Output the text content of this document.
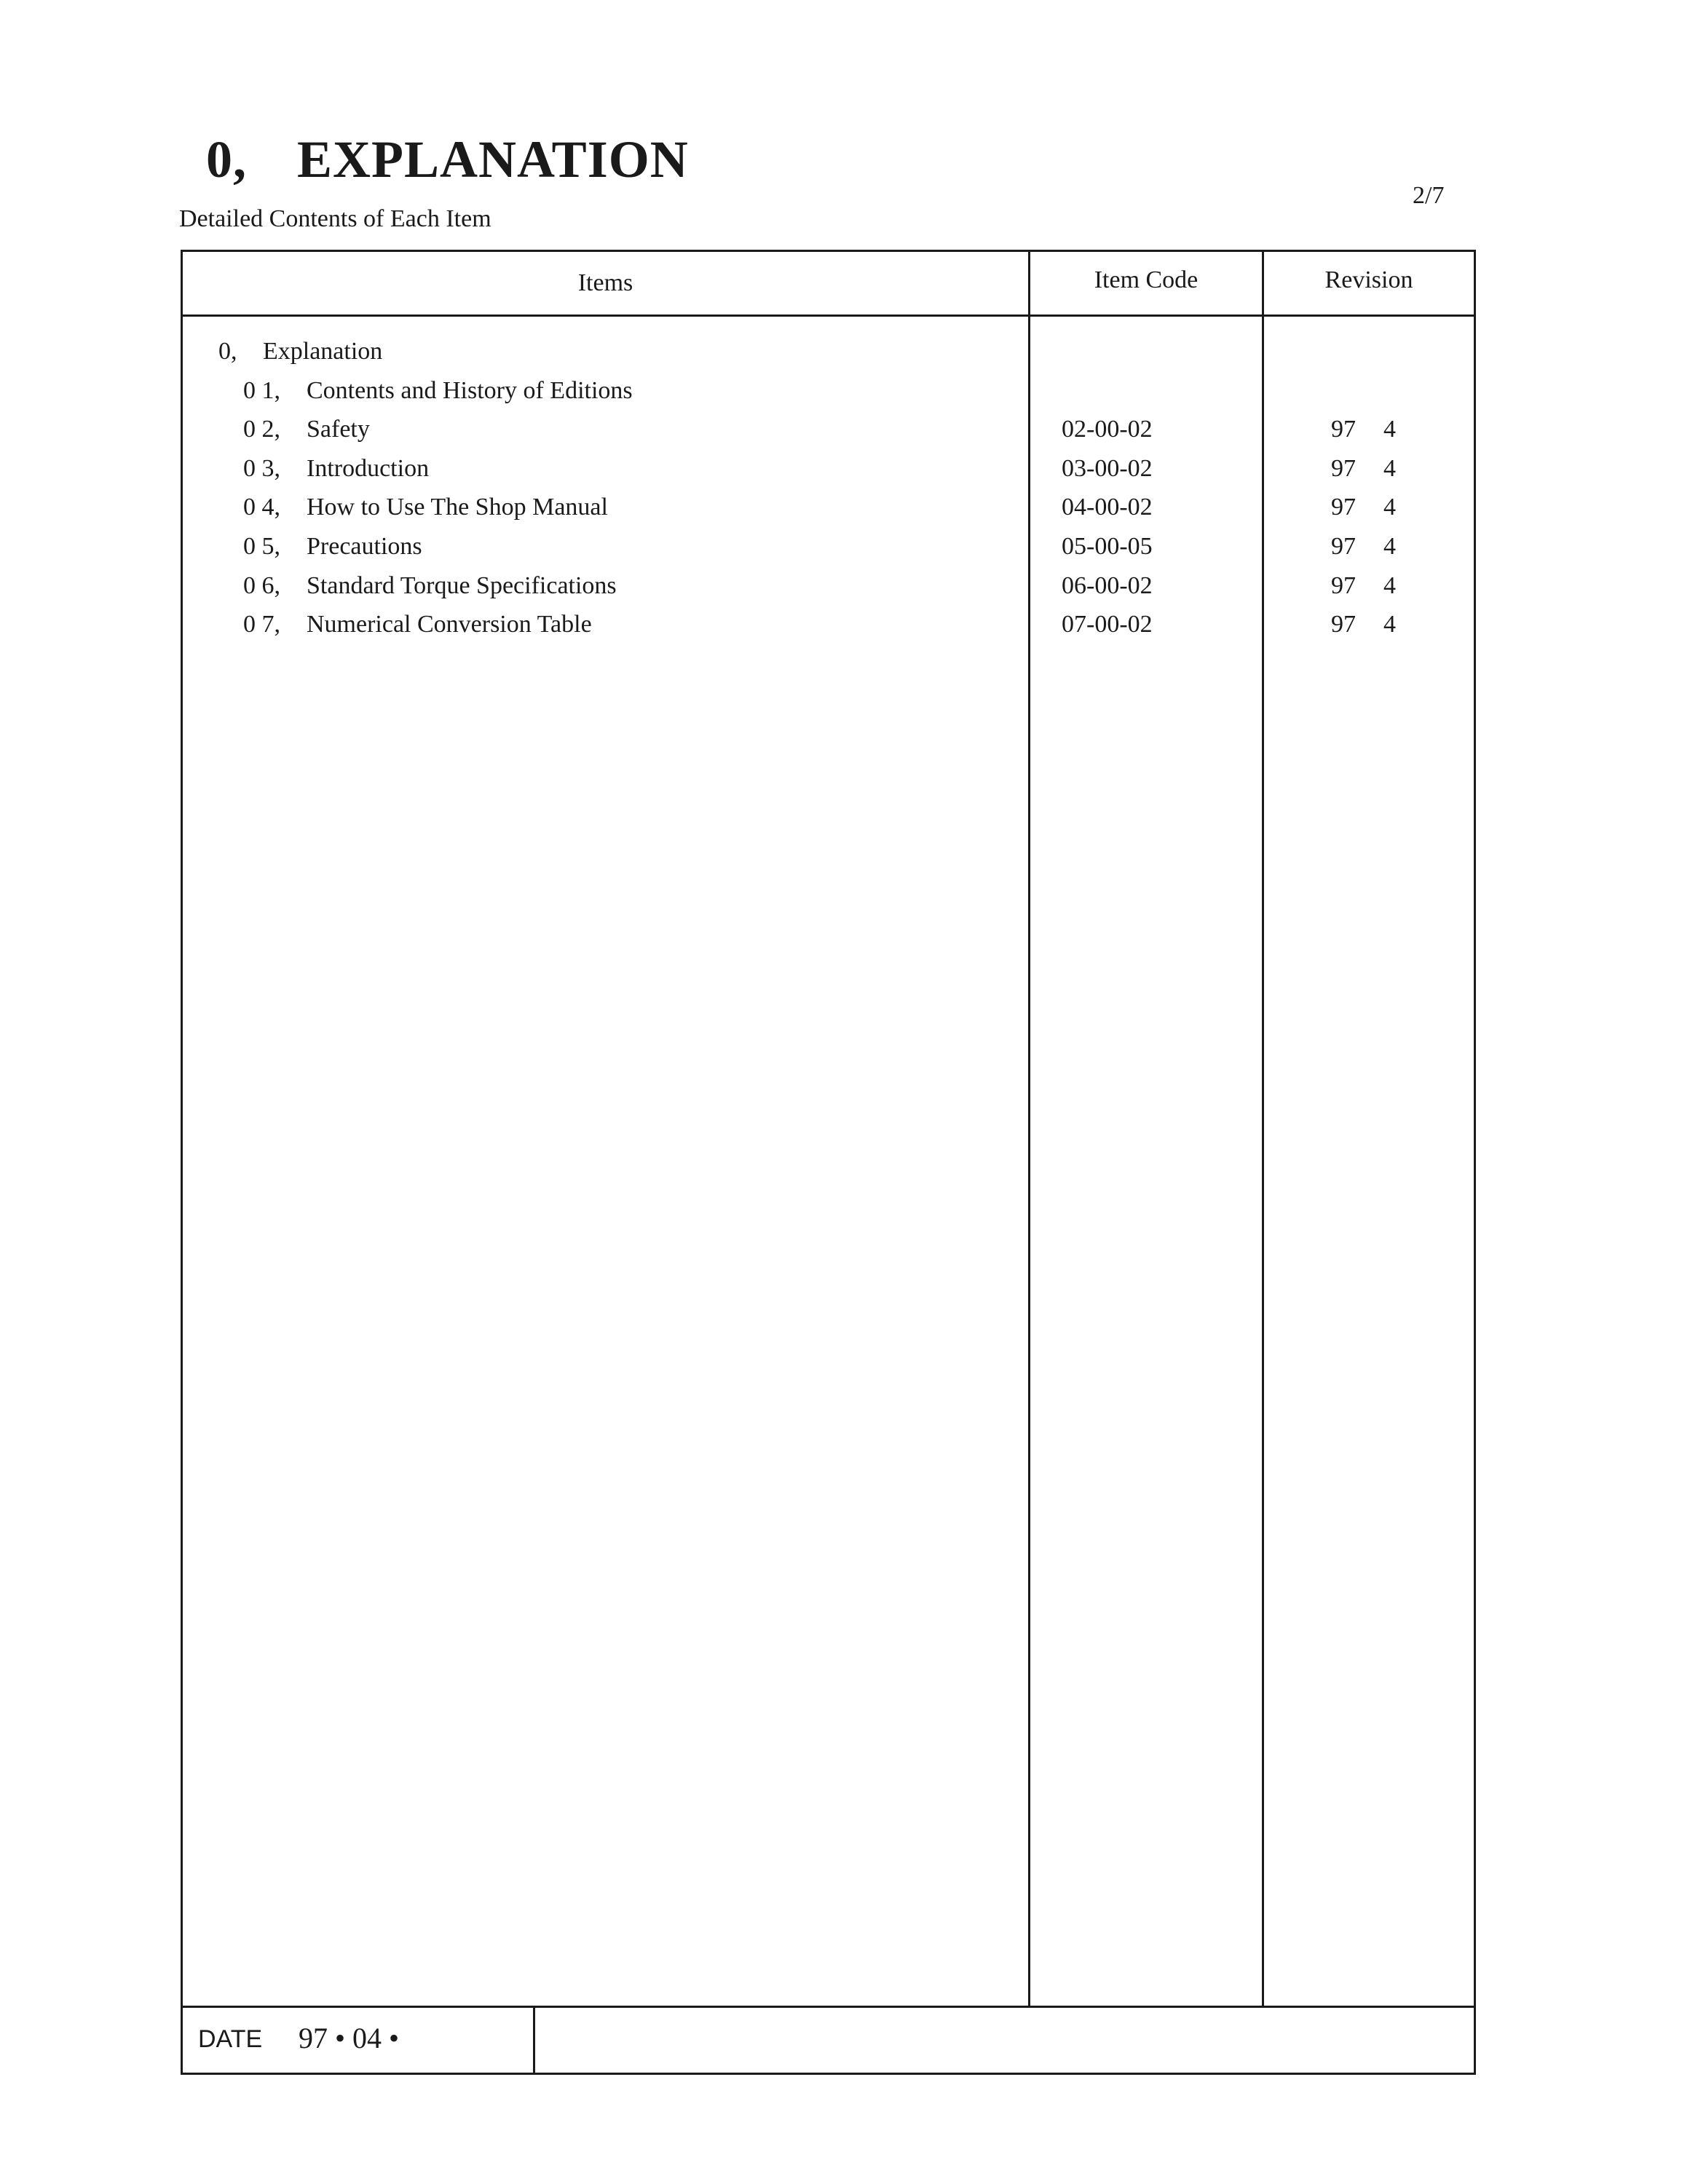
0, EXPLANATION
2/7
Detailed Contents of Each Item
Items	Item Code	Revision
0, Explanation
0 1, Contents and History of Editions
0 2, Safety	02-00-02	97 4
0 3, Introduction	03-00-02	97 4
0 4, How to Use The Shop Manual	04-00-02	97 4
0 5, Precautions	05-00-05	97 4
0 6, Standard Torque Specifications	06-00-02	97 4
0 7, Numerical Conversion Table	07-00-02	97 4
DATE 97 • 04 •
